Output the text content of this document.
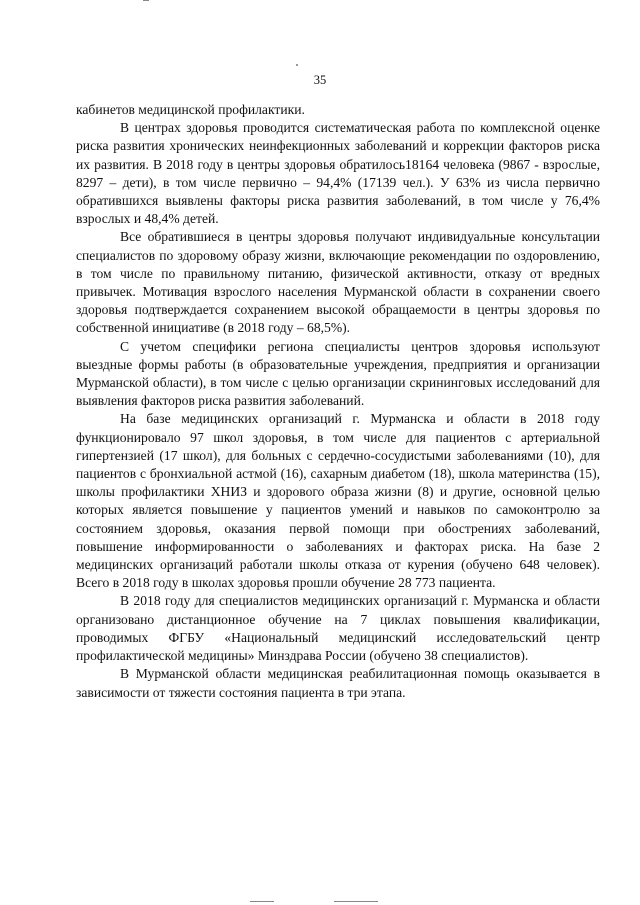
35

кабинетов медицинской профилактики.

В центрах здоровья проводится систематическая работа по комплексной оценке риска развития хронических неинфекционных заболеваний и коррекции факторов риска их развития. В 2018 году в центры здоровья обратилось18164 человека (9867 - взрослые, 8297 – дети), в том числе первично – 94,4% (17139 чел.). У 63% из числа первично обратившихся выявлены факторы риска развития заболеваний, в том числе у 76,4% взрослых и 48,4% детей.

Все обратившиеся в центры здоровья получают индивидуальные консультации специалистов по здоровому образу жизни, включающие рекомендации по оздоровлению, в том числе по правильному питанию, физической активности, отказу от вредных привычек. Мотивация взрослого населения Мурманской области в сохранении своего здоровья подтверждается сохранением высокой обращаемости в центры здоровья по собственной инициативе (в 2018 году – 68,5%).

С учетом специфики региона специалисты центров здоровья используют выездные формы работы (в образовательные учреждения, предприятия и организации Мурманской области), в том числе с целью организации скрининговых исследований для выявления факторов риска развития заболеваний.

На базе медицинских организаций г. Мурманска и области в 2018 году функционировало 97 школ здоровья, в том числе для пациентов с артериальной гипертензией (17 школ), для больных с сердечно-сосудистыми заболеваниями (10), для пациентов с бронхиальной астмой (16), сахарным диабетом (18), школа материнства (15), школы профилактики ХНИЗ и здорового образа жизни (8) и другие, основной целью которых является повышение у пациентов умений и навыков по самоконтролю за состоянием здоровья, оказания первой помощи при обострениях заболеваний, повышение информированности о заболеваниях и факторах риска. На базе 2 медицинских организаций работали школы отказа от курения (обучено 648 человек). Всего в 2018 году в школах здоровья прошли обучение 28 773 пациента.

В 2018 году для специалистов медицинских организаций г. Мурманска и области организовано дистанционное обучение на 7 циклах повышения квалификации, проводимых ФГБУ «Национальный медицинский исследовательский центр профилактической медицины» Минздрава России (обучено 38 специалистов).

В Мурманской области медицинская реабилитационная помощь оказывается в зависимости от тяжести состояния пациента в три этапа.
